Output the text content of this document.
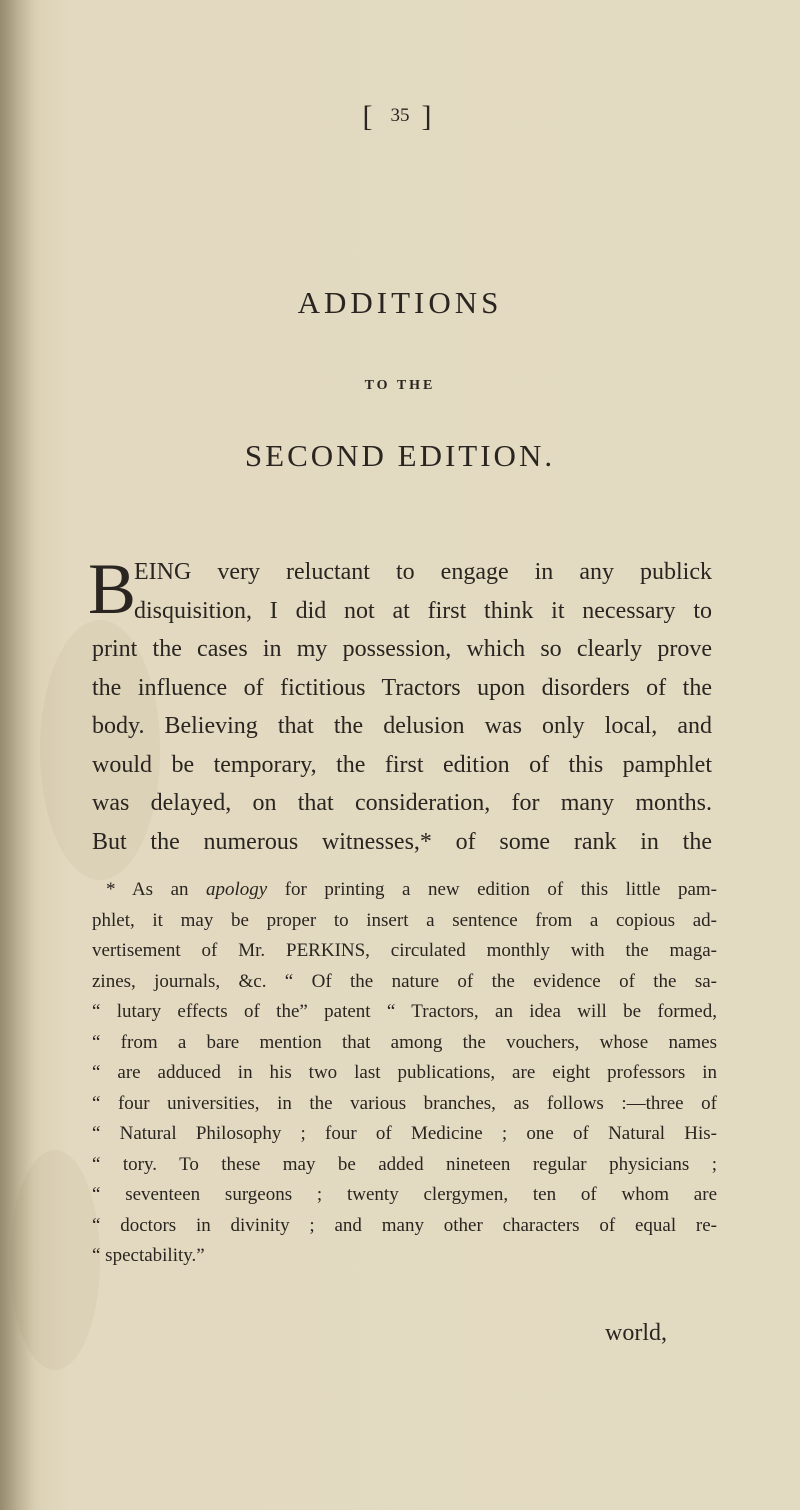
[ 35 ]
ADDITIONS
TO THE
SECOND EDITION.
B
EING very reluctant to engage in any publick
disquisition, I did not at first think it necessary to
print the cases in my possession, which so clearly prove
the influence of fictitious Tractors upon disorders of the
body. Believing that the delusion was only local, and
would be temporary, the first edition of this pamphlet
was delayed, on that consideration, for many months.
But the numerous witnesses,* of some rank in the
* As an apology for printing a new edition of this little pam-
phlet, it may be proper to insert a sentence from a copious ad-
vertisement of Mr. PERKINS, circulated monthly with the maga-
zines, journals, &c. “ Of the nature of the evidence of the sa-
“ lutary effects of the” patent “ Tractors, an idea will be formed,
“ from a bare mention that among the vouchers, whose names
“ are adduced in his two last publications, are eight professors in
“ four universities, in the various branches, as follows :—three of
“ Natural Philosophy ; four of Medicine ; one of Natural His-
“ tory. To these may be added nineteen regular physicians ;
“ seventeen surgeons ; twenty clergymen, ten of whom are
“ doctors in divinity ; and many other characters of equal re-
“ spectability.”
world,
